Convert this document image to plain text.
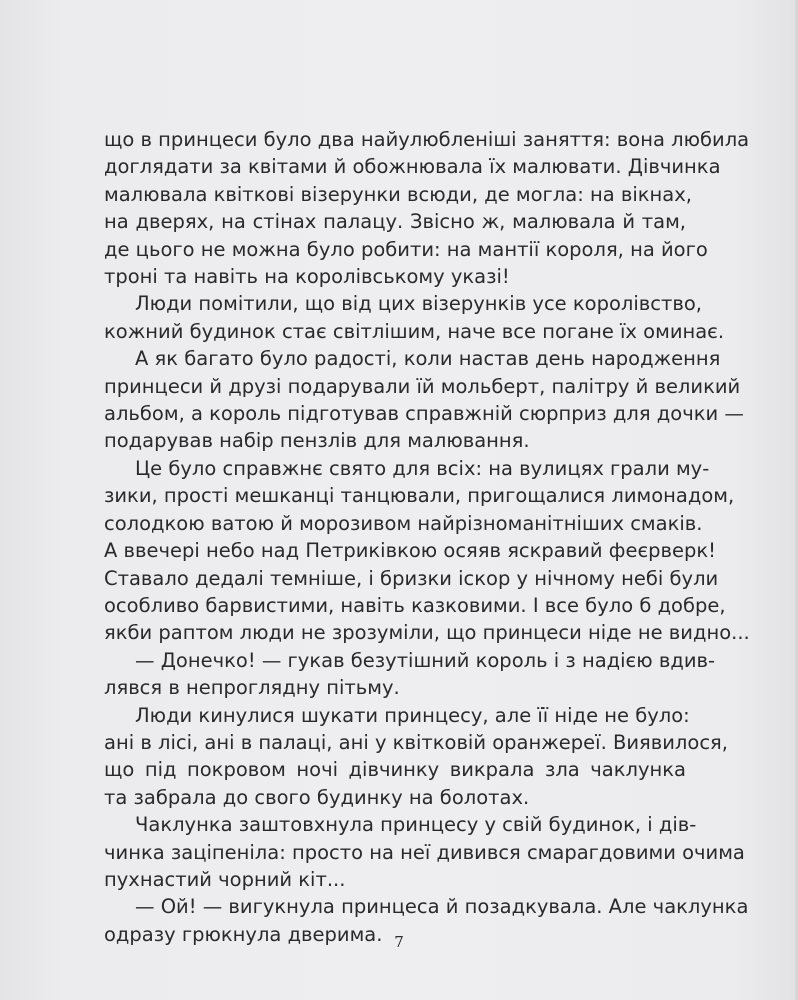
що в принцеси було два найулюбленіші заняття: вона любила
доглядати за квітами й обожнювала їх малювати. Дівчинка
малювала квіткові візерунки всюди, де могла: на вікнах,
на дверях, на стінах палацу. Звісно ж, малювала й там,
де цього не можна було робити: на мантії короля, на його
троні та навіть на королівському указі!

Люди помітили, що від цих візерунків усе королівство,
кожний будинок стає світлішим, наче все погане їх оминає.

А як багато було радості, коли настав день народження
принцеси й друзі подарували їй мольберт, палітру й великий
альбом, а король підготував справжній сюрприз для дочки —
подарував набір пензлів для малювання.

Це було справжнє свято для всіх: на вулицях грали му-
зики, прості мешканці танцювали, пригощалися лимонадом,
солодкою ватою й морозивом найрізноманітніших смаків.
А ввечері небо над Петриківкою осяяв яскравий феєрверк!
Ставало дедалі темніше, і бризки іскор у нічному небі були
особливо барвистими, навіть казковими. І все було б добре,
якби раптом люди не зрозуміли, що принцеси ніде не видно...

— Донечко! — гукав безутішний король і з надією вдив-
лявся в непроглядну пітьму.

Люди кинулися шукати принцесу, але її ніде не було:
ані в лісі, ані в палаці, ані у квітковій оранжереї. Виявилося,
що під покровом ночі дівчинку викрала зла чаклунка
та забрала до свого будинку на болотах.

Чаклунка заштовхнула принцесу у свій будинок, і дів-
чинка заціпеніла: просто на неї дивився смарагдовими очима
пухнастий чорний кіт...

— Ой! — вигукнула принцеса й позадкувала. Але чаклунка
одразу грюкнула дверима. 7
